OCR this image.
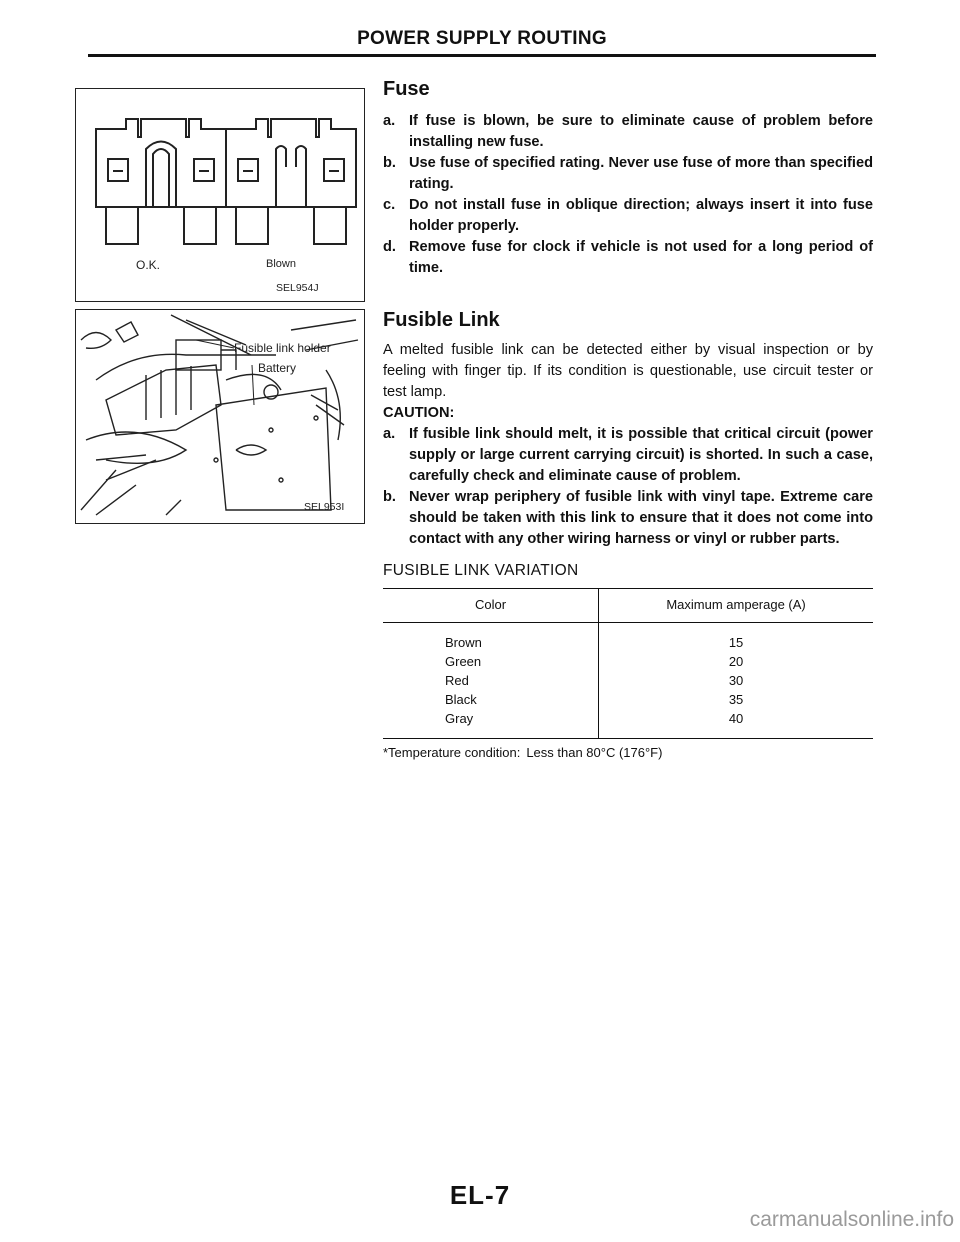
POWER SUPPLY ROUTING
O.K.	Blown
SEL954J
Fusible link holder
Battery
SEL953I
Fuse
a. If fuse is blown, be sure to eliminate cause of problem before installing new fuse.
b. Use fuse of specified rating. Never use fuse of more than specified rating.
c. Do not install fuse in oblique direction; always insert it into fuse holder properly.
d. Remove fuse for clock if vehicle is not used for a long period of time.
Fusible Link

A melted fusible link can be detected either by visual inspection or by feeling with finger tip. If its condition is questionable, use circuit tester or test lamp.

CAUTION:

a. If fusible link should melt, it is possible that critical circuit (power supply or large current carrying circuit) is shorted. In such a case, carefully check and eliminate cause of problem.
b. Never wrap periphery of fusible link with vinyl tape. Extreme care should be taken with this link to ensure that it does not come into contact with any other wiring harness or vinyl or rubber parts.
FUSIBLE LINK VARIATION
Color	Maximum amperage (A)
Brown	15
Green	20
Red	30
Black	35
Gray	40
*Temperature condition: Less than 80°C (176°F)
EL-7
carmanualsonline.info
